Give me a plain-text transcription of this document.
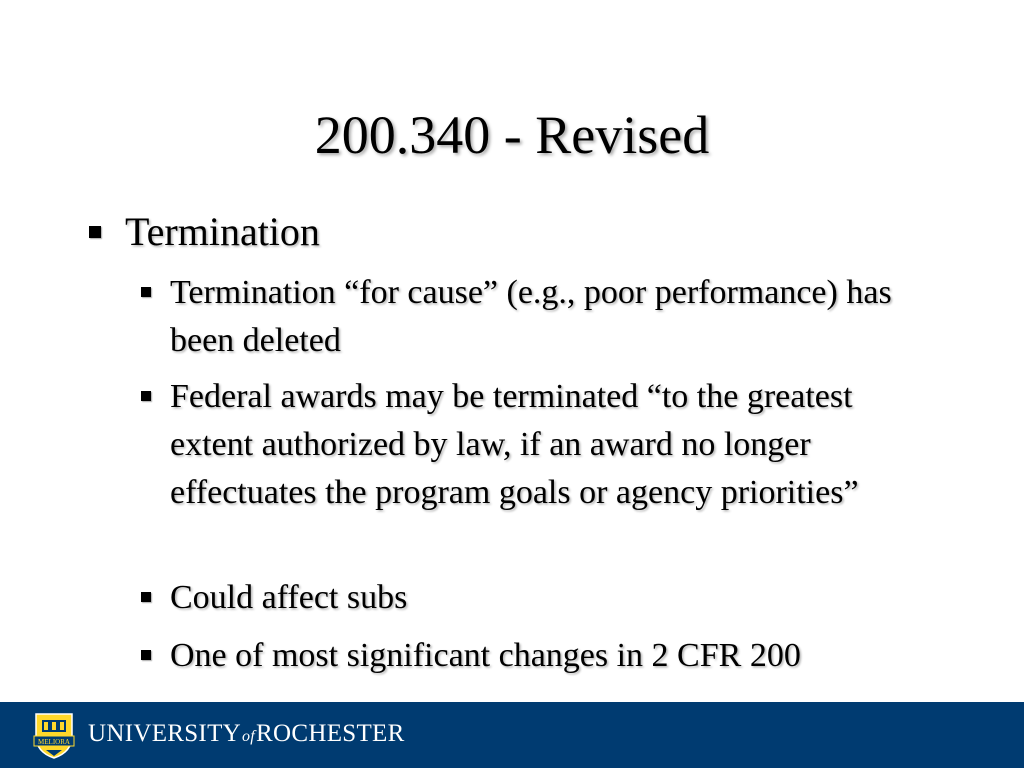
200.340 - Revised
Termination
Termination “for cause” (e.g., poor performance) has been deleted
Federal awards may be terminated “to the greatest extent authorized by law, if an award no longer effectuates the program goals or agency priorities”
Could affect subs
One of most significant changes in 2 CFR 200
MELIORA UNIVERSITYofROCHESTER
